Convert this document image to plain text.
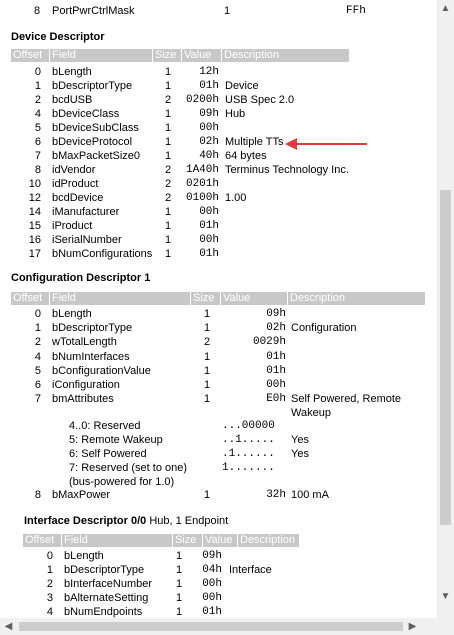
8 PortPwrCtrlMask	1	FFh
Device Descriptor
Offset Field	Size Value	Description
0 bLength	1	12h
1 bDescriptorType	1	01h Device
2 bcdUSB	2	0200h USB Spec 2.0
4 bDeviceClass	1	09h Hub
5 bDeviceSubClass 1	00h
6 bDeviceProtocol	1	02h Multiple TTs
7 bMaxPacketSize0 1	40h 64 bytes
8 idVendor	2	1A40h Terminus Technology Inc.
10 idProduct	2	0201h
12 bcdDevice	2	0100h 1.00
14 iManufacturer	1	00h
15 iProduct	1	01h
16 iSerialNumber	1	00h
17 bNumConfigurations 1	01h
Configuration Descriptor 1
Offset Field	Size Value	Description
0 bLength	1	09h
1 bDescriptorType	1	02h Configuration
2 wTotalLength	2	0029h
4 bNumInterfaces	1	01h
5 bConfigurationValue	1	01h
6 iConfiguration	1	00h
7 bmAttributes	1	E0h Self Powered, Remote
Wakeup
4..0: Reserved	...00000
5: Remote Wakeup	..1..... Yes
6: Self Powered	.1...... Yes
7: Reserved (set to one)	1.......
(bus-powered for 1.0)
8 bMaxPower	1	32h 100 mA
Interface Descriptor 0/0 Hub, 1 Endpoint
Offset Field	Size Value Description
0 bLength	1	09h
1 bDescriptorType	1	04h Interface
2 bInterfaceNumber 1	00h
3 bAlternateSetting	1	00h
4 bNumEndpoints	1	01h
▲
▼
◀	▶
